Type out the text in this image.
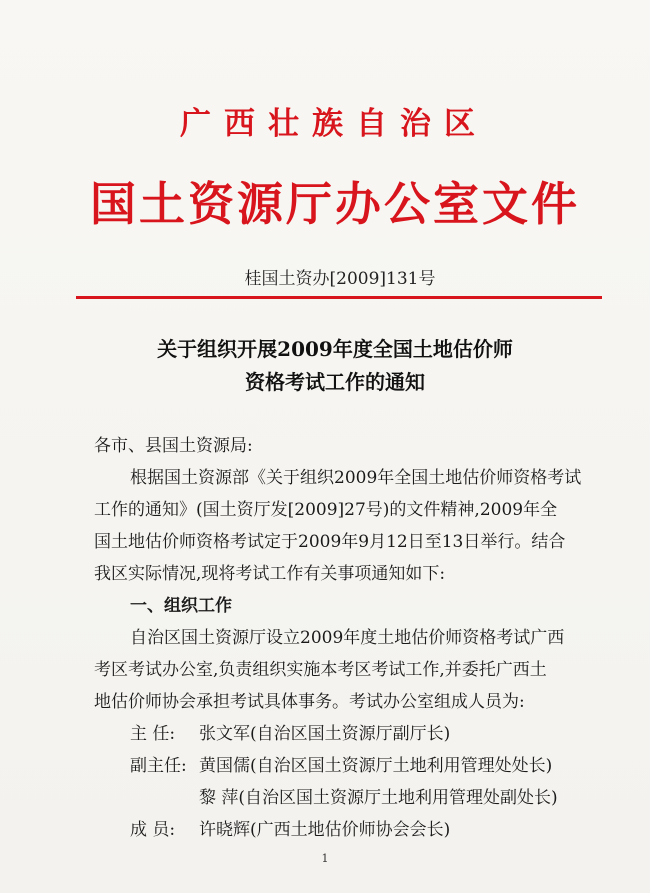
广西壮族自治区
国土资源厅办公室文件
桂国土资办[2009]131号
关于组织开展2009年度全国土地估价师
资格考试工作的通知
各市、县国土资源局:
根据国土资源部《关于组织2009年全国土地估价师资格考试
工作的通知》(国土资厅发[2009]27号)的文件精神,2009年全
国土地估价师资格考试定于2009年9月12日至13日举行。结合
我区实际情况,现将考试工作有关事项通知如下:
一、组织工作
自治区国土资源厅设立2009年度土地估价师资格考试广西
考区考试办公室,负责组织实施本考区考试工作,并委托广西土
地估价师协会承担考试具体事务。考试办公室组成人员为:
主 任: 张文军(自治区国土资源厅副厅长)
副主任: 黄国儒(自治区国土资源厅土地利用管理处处长)
黎 萍(自治区国土资源厅土地利用管理处副处长)
成 员: 许晓辉(广西土地估价师协会会长)
1
